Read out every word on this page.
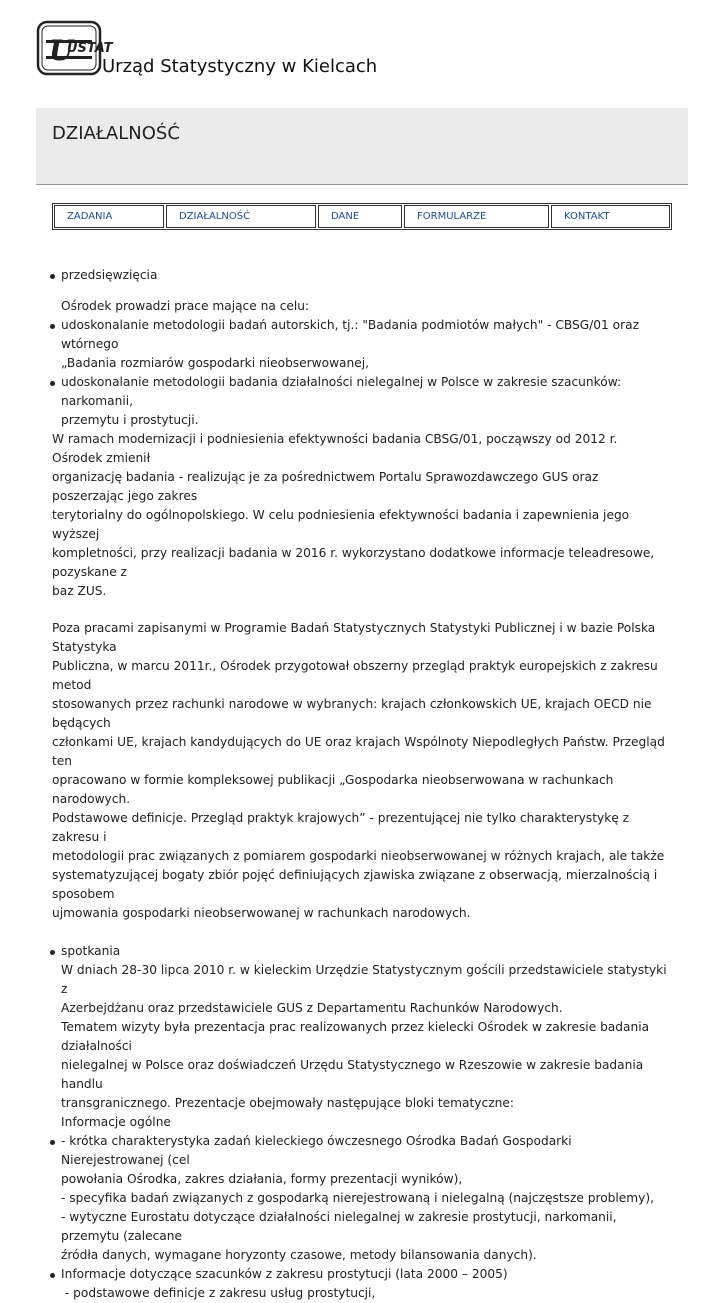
U
USTAT
Urząd Statystyczny w Kielcach
DZIAŁALNOŚĆ
ZADANIA	DZIAŁALNOŚĆ	DANE	FORMULARZE	KONTAKT
przedsięwzięcia

Ośrodek prowadzi prace mające na celu:

udoskonalanie metodologii badań autorskich, tj.: "Badania podmiotów małych" - CBSG/01 oraz wtórnego
„Badania rozmiarów gospodarki nieobserwowanej,
udoskonalanie metodologii badania działalności nielegalnej w Polsce w zakresie szacunków: narkomanii,
przemytu i prostytucji.

W ramach modernizacji i podniesienia efektywności badania CBSG/01, począwszy od 2012 r. Ośrodek zmienił
organizację badania - realizując je za pośrednictwem Portalu Sprawozdawczego GUS oraz poszerzając jego zakres
terytorialny do ogólnopolskiego. W celu podniesienia efektywności badania i zapewnienia jego wyższej
kompletności, przy realizacji badania w 2016 r. wykorzystano dodatkowe informacje teleadresowe, pozyskane z
baz ZUS.

Poza pracami zapisanymi w Programie Badań Statystycznych Statystyki Publicznej i w bazie Polska Statystyka
Publiczna, w marcu 2011r., Ośrodek przygotował obszerny przegląd praktyk europejskich z zakresu metod
stosowanych przez rachunki narodowe w wybranych: krajach członkowskich UE, krajach OECD nie będących
członkami UE, krajach kandydujących do UE oraz krajach Wspólnoty Niepodległych Państw. Przegląd ten
opracowano w formie kompleksowej publikacji „Gospodarka nieobserwowana w rachunkach narodowych.
Podstawowe definicje. Przegląd praktyk krajowych” - prezentującej nie tylko charakterystykę z zakresu i
metodologii prac związanych z pomiarem gospodarki nieobserwowanej w różnych krajach, ale także
systematyzującej bogaty zbiór pojęć definiujących zjawiska związane z obserwacją, mierzalnością i sposobem
ujmowania gospodarki nieobserwowanej w rachunkach narodowych.

spotkania
W dniach 28-30 lipca 2010 r. w kieleckim Urzędzie Statystycznym gościli przedstawiciele statystyki z
Azerbejdżanu oraz przedstawiciele GUS z Departamentu Rachunków Narodowych.
Tematem wizyty była prezentacja prac realizowanych przez kielecki Ośrodek w zakresie badania działalności
nielegalnej w Polsce oraz doświadczeń Urzędu Statystycznego w Rzeszowie w zakresie badania handlu
transgranicznego. Prezentacje obejmowały następujące bloki tematyczne:
Informacje ogólne
- krótka charakterystyka zadań kieleckiego ówczesnego Ośrodka Badań Gospodarki Nierejestrowanej (cel
powołania Ośrodka, zakres działania, formy prezentacji wyników),
- specyfika badań związanych z gospodarką nierejestrowaną i nielegalną (najczęstsze problemy),
- wytyczne Eurostatu dotyczące działalności nielegalnej w zakresie prostytucji, narkomanii, przemytu (zalecane
źródła danych, wymagane horyzonty czasowe, metody bilansowania danych).
Informacje dotyczące szacunków z zakresu prostytucji (lata 2000 – 2005)
- podstawowe definicje z zakresu usług prostytucji,
